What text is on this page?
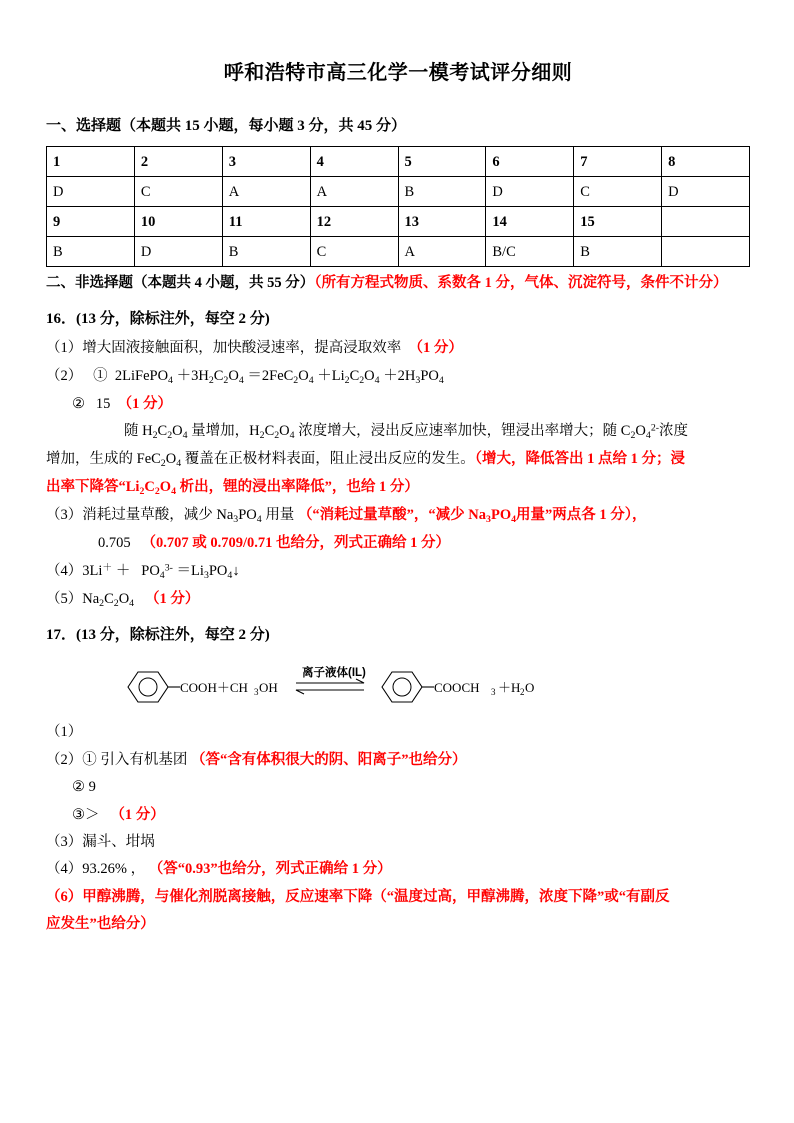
呼和浩特市高三化学一模考试评分细则
一、选择题（本题共 15 小题，每小题 3 分，共 45 分）
1	2	3	4	5	6	7	8
D	C	A	A	B	D	C	D
9	10	11	12	13	14	15	
B	D	B	C	A	B/C	B	
二、非选择题（本题共 4 小题，共 55 分）（所有方程式物质、系数各 1 分，气体、沉淀符号，条件不计分）
16．(13 分，除标注外，每空 2 分)
（1）增大固液接触面积，加快酸浸速率，提高浸取效率 （1 分）
（2） ① 2LiFePO$_4$ $+3H_2C_2O_4 =2FeC_2O_4 +Li_2C_2O_4 +2H_3PO_4$
② 15 （1 分）
随 $H_2C_2O_4$ 量增加，$H_2C_2O_4$ 浓度增大，浸出反应速率加快，锂浸出率增大；随 $C_2O_4^{2-}$浓度
增加，生成的 $FeC_2O_4$ 覆盖在正极材料表面，阻止浸出反应的发生。（增大，降低答出 1 点给 1 分；浸
出率下降答“$Li_2C_2O_4$ 析出，锂的浸出率降低”，也给 1 分）
（3）消耗过量草酸，减少 $Na_3PO_4$ 用量 （“消耗过量草酸”，“减少 $Na_3PO_4$用量”两点各 1 分），
0.705 （0.707 或 0.709/0.71 也给分，列式正确给 1 分）
$(4)3Li^+ + PO_4^{3-}$ $=Li_3PO_4↓$
$(5)Na_2C_2O_4$ （1 分）
17．(13 分，除标注外，每空 2 分)
COOH＋CH 3 OH
离子液体(IL)
COOCH 3 ＋H 2 O
（1）
（2）① 引入有机基团 （答“含有体积很大的阴、阳离子”也给分）
② 9
③＞ （1 分）
（3）漏斗、坩埚
（4）93.26% ， （答“0.93”也给分，列式正确给 1 分）
（6）甲醇沸腾，与催化剂脱离接触，反应速率下降（“温度过高，甲醇沸腾，浓度下降”或“有副反
应发生”也给分）
